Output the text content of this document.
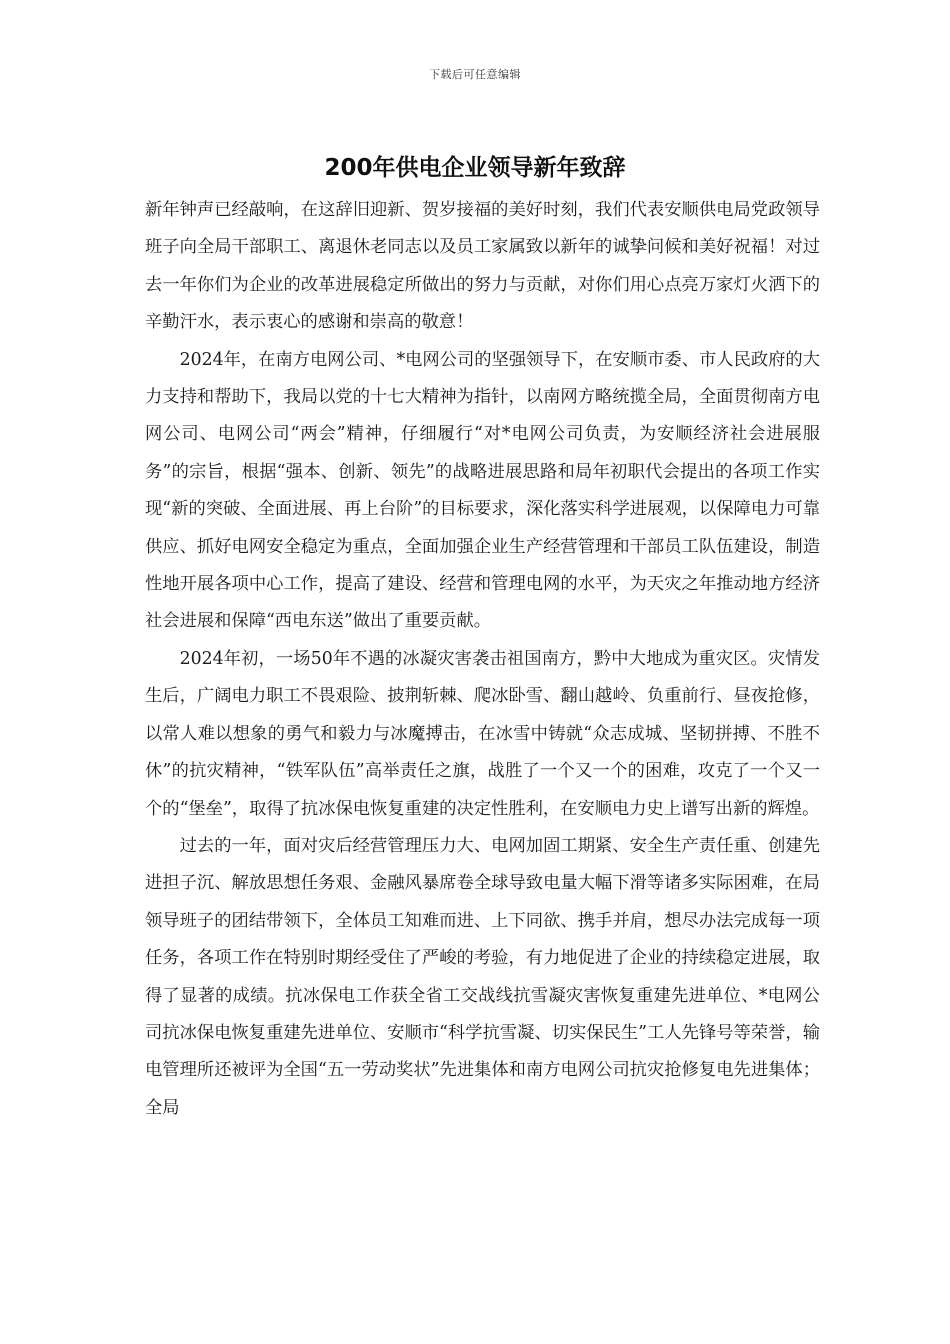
下载后可任意编辑
200年供电企业领导新年致辞

新年钟声已经敲响，在这辞旧迎新、贺岁接福的美好时刻，我们代表安顺供电局党政领导班子向全局干部职工、离退休老同志以及员工家属致以新年的诚挚问候和美好祝福！对过去一年你们为企业的改革进展稳定所做出的努力与贡献，对你们用心点亮万家灯火洒下的辛勤汗水，表示衷心的感谢和崇高的敬意！

2024年，在南方电网公司、*电网公司的坚强领导下，在安顺市委、市人民政府的大力支持和帮助下，我局以党的十七大精神为指针，以南网方略统揽全局，全面贯彻南方电网公司、电网公司“两会”精神，仔细履行“对*电网公司负责，为安顺经济社会进展服务”的宗旨，根据“强本、创新、领先”的战略进展思路和局年初职代会提出的各项工作实现“新的突破、全面进展、再上台阶”的目标要求，深化落实科学进展观，以保障电力可靠供应、抓好电网安全稳定为重点，全面加强企业生产经营管理和干部员工队伍建设，制造性地开展各项中心工作，提高了建设、经营和管理电网的水平，为天灾之年推动地方经济社会进展和保障“西电东送”做出了重要贡献。

2024年初，一场50年不遇的冰凝灾害袭击祖国南方，黔中大地成为重灾区。灾情发生后，广阔电力职工不畏艰险、披荆斩棘、爬冰卧雪、翻山越岭、负重前行、昼夜抢修，以常人难以想象的勇气和毅力与冰魔搏击，在冰雪中铸就“众志成城、坚韧拼搏、不胜不休”的抗灾精神，“铁军队伍”高举责任之旗，战胜了一个又一个的困难，攻克了一个又一个的“堡垒”，取得了抗冰保电恢复重建的决定性胜利，在安顺电力史上谱写出新的辉煌。

过去的一年，面对灾后经营管理压力大、电网加固工期紧、安全生产责任重、创建先进担子沉、解放思想任务艰、金融风暴席卷全球导致电量大幅下滑等诸多实际困难，在局领导班子的团结带领下，全体员工知难而进、上下同欲、携手并肩，想尽办法完成每一项任务，各项工作在特别时期经受住了严峻的考验，有力地促进了企业的持续稳定进展，取得了显著的成绩。抗冰保电工作获全省工交战线抗雪凝灾害恢复重建先进单位、*电网公司抗冰保电恢复重建先进单位、安顺市“科学抗雪凝、切实保民生”工人先锋号等荣誉，输电管理所还被评为全国“五一劳动奖状”先进集体和南方电网公司抗灾抢修复电先进集体；全局
